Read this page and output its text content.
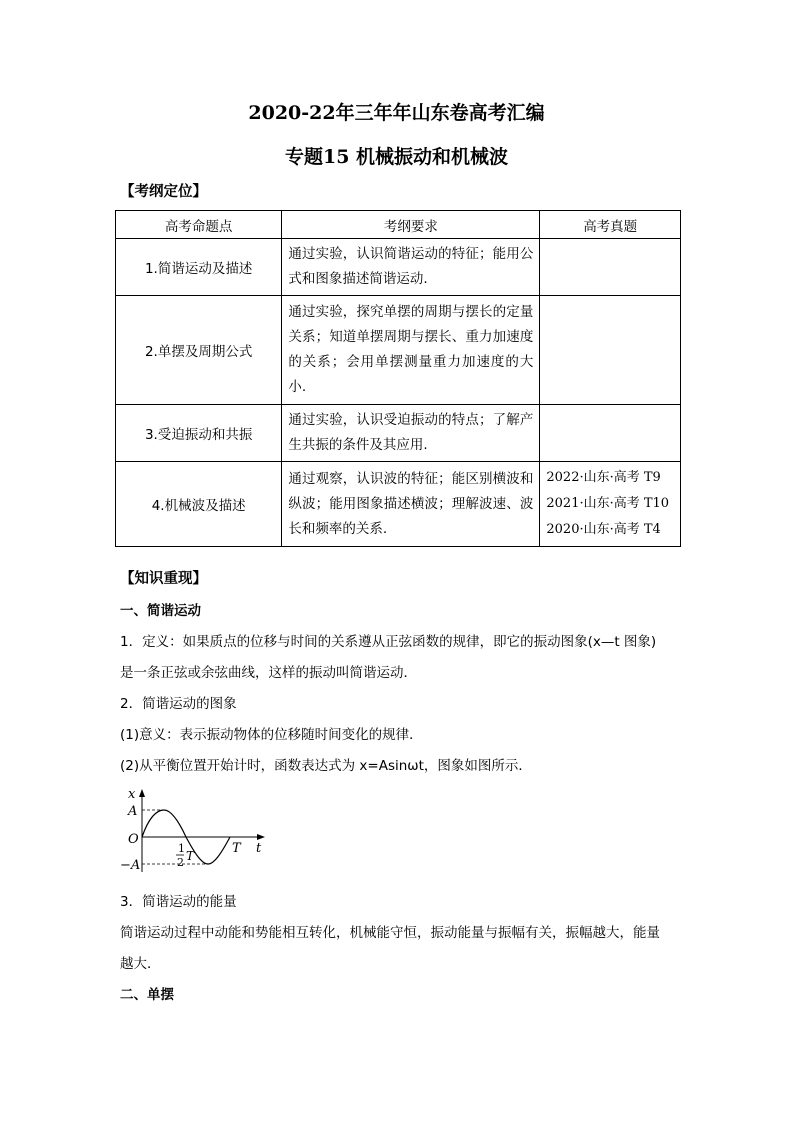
2020-22年三年年山东卷高考汇编
专题15 机械振动和机械波
【考纲定位】
高考命题点	考纲要求	高考真题
1.简谐运动及描述	通过实验，认识简谐运动的特征；能用公式和图象描述简谐运动.	

2.单摆及周期公式	通过实验，探究单摆的周期与摆长的定量关系；知道单摆周期与摆长、重力加速度的关系；会用单摆测量重力加速度的大小.	

3.受迫振动和共振	通过实验，认识受迫振动的特点；了解产生共振的条件及其应用.	

4.机械波及描述	通过观察，认识波的特征；能区别横波和纵波；能用图象描述横波；理解波速、波长和频率的关系.	2022·山东·高考 T9
2021·山东·高考 T10
2020·山东·高考 T4
【知识重现】
一、简谐运动
1．定义：如果质点的位移与时间的关系遵从正弦函数的规律，即它的振动图象(x—t 图象)
是一条正弦或余弦曲线，这样的振动叫简谐运动．
2．简谐运动的图象
(1)意义：表示振动物体的位移随时间变化的规律．
(2)从平衡位置开始计时，函数表达式为 x=Asinωt，图象如图所示．
x
A
O
−A
1
2 T	T t
3．简谐运动的能量
简谐运动过程中动能和势能相互转化，机械能守恒，振动能量与振幅有关，振幅越大，能量
越大．
二、单摆
